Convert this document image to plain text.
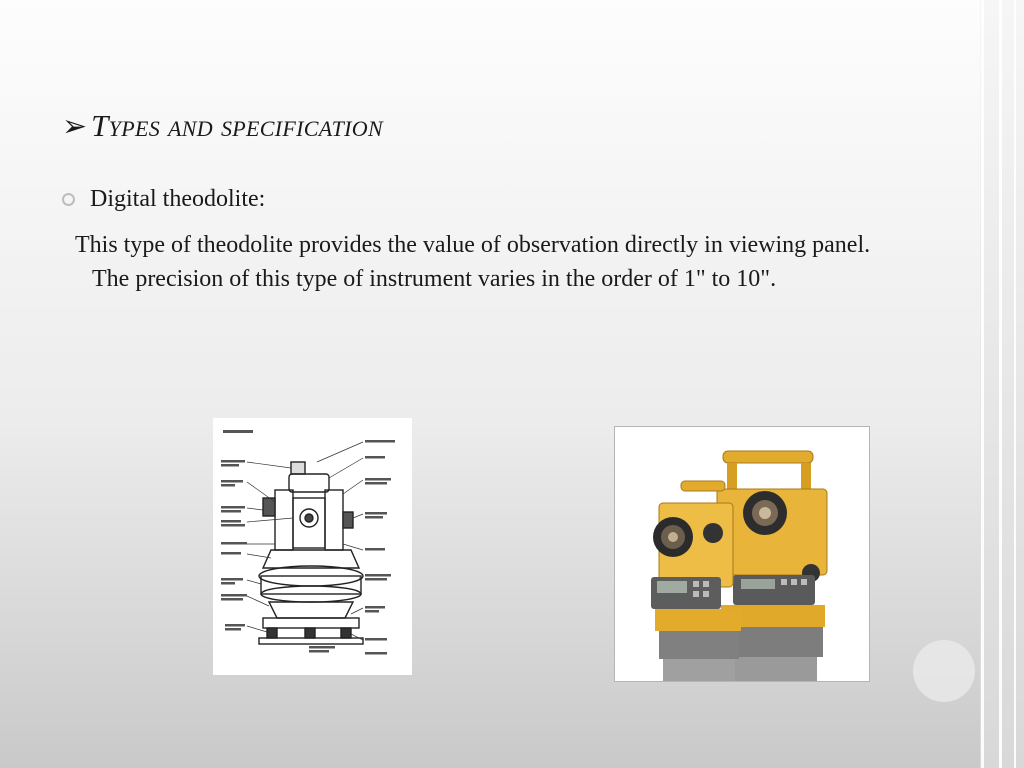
➢ Types and specification
Digital theodolite:

This type of theodolite provides the value of observation directly in viewing panel. The precision of this type of instrument varies in the order of 1" to 10".
